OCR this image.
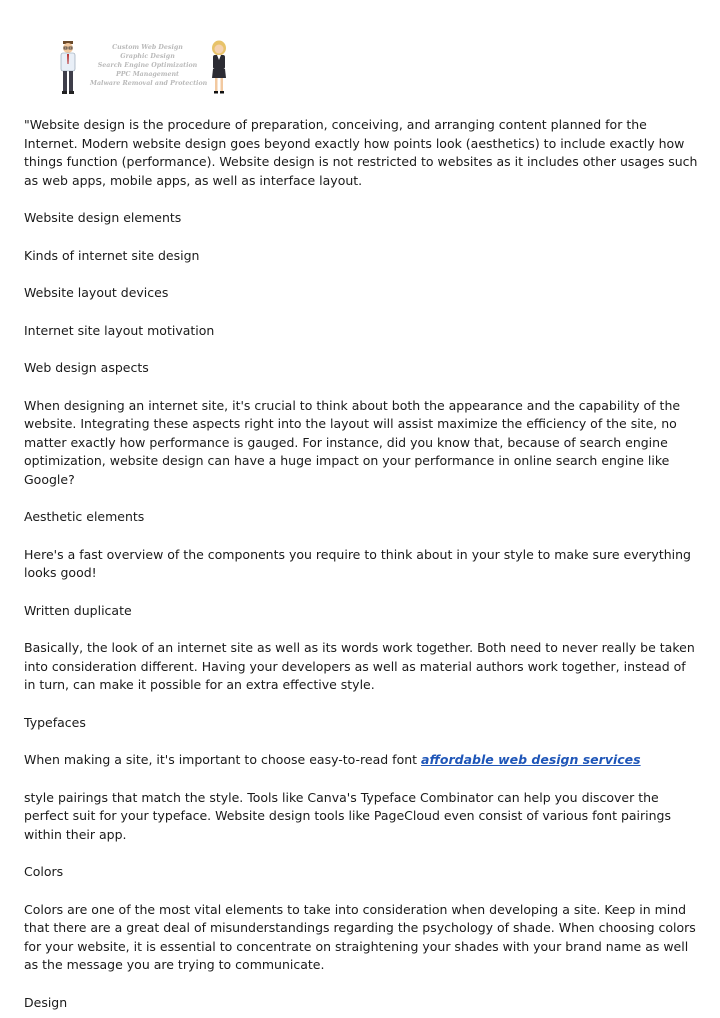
Custom Web Design
Graphic Design
Search Engine Optimization
PPC Management
Malware Removal and Protection

"Website design is the procedure of preparation, conceiving, and arranging content planned for the Internet. Modern website design goes beyond exactly how points look (aesthetics) to include exactly how things function (performance). Website design is not restricted to websites as it includes other usages such as web apps, mobile apps, as well as interface layout.

Website design elements

Kinds of internet site design

Website layout devices

Internet site layout motivation

Web design aspects

When designing an internet site, it's crucial to think about both the appearance and the capability of the website. Integrating these aspects right into the layout will assist maximize the efficiency of the site, no matter exactly how performance is gauged. For instance, did you know that, because of search engine optimization, website design can have a huge impact on your performance in online search engine like Google?

Aesthetic elements

Here's a fast overview of the components you require to think about in your style to make sure everything looks good!

Written duplicate

Basically, the look of an internet site as well as its words work together. Both need to never really be taken into consideration different. Having your developers as well as material authors work together, instead of in turn, can make it possible for an extra effective style.

Typefaces

When making a site, it's important to choose easy-to-read font affordable web design services

style pairings that match the style. Tools like Canva's Typeface Combinator can help you discover the perfect suit for your typeface. Website design tools like PageCloud even consist of various font pairings within their app.

Colors

Colors are one of the most vital elements to take into consideration when developing a site. Keep in mind that there are a great deal of misunderstandings regarding the psychology of shade. When choosing colors for your website, it is essential to concentrate on straightening your shades with your brand name as well as the message you are trying to communicate.

Design
